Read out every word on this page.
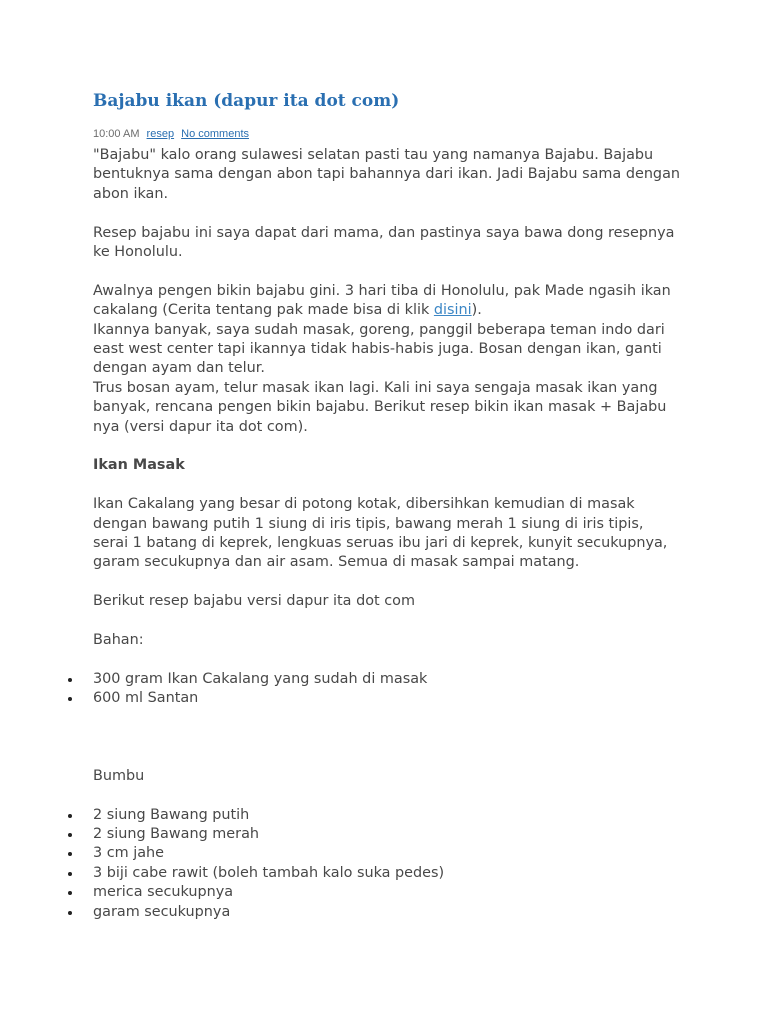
Bajabu ikan (dapur ita dot com)
10:00 AM resep No comments

"Bajabu" kalo orang sulawesi selatan pasti tau yang namanya Bajabu. Bajabu bentuknya sama dengan abon tapi bahannya dari ikan. Jadi Bajabu sama dengan abon ikan.

Resep bajabu ini saya dapat dari mama, dan pastinya saya bawa dong resepnya ke Honolulu.

Awalnya pengen bikin bajabu gini. 3 hari tiba di Honolulu, pak Made ngasih ikan cakalang (Cerita tentang pak made bisa di klik disini).

Ikannya banyak, saya sudah masak, goreng, panggil beberapa teman indo dari east west center tapi ikannya tidak habis-habis juga. Bosan dengan ikan, ganti dengan ayam dan telur.

Trus bosan ayam, telur masak ikan lagi. Kali ini saya sengaja masak ikan yang banyak, rencana pengen bikin bajabu. Berikut resep bikin ikan masak + Bajabu nya (versi dapur ita dot com).

Ikan Masak

Ikan Cakalang yang besar di potong kotak, dibersihkan kemudian di masak dengan bawang putih 1 siung di iris tipis, bawang merah 1 siung di iris tipis, serai 1 batang di keprek, lengkuas seruas ibu jari di keprek, kunyit secukupnya, garam secukupnya dan air asam. Semua di masak sampai matang.

Berikut resep bajabu versi dapur ita dot com

Bahan:

300 gram Ikan Cakalang yang sudah di masak
600 ml Santan

Bumbu

2 siung Bawang putih
2 siung Bawang merah
3 cm jahe
3 biji cabe rawit (boleh tambah kalo suka pedes)
merica secukupnya
garam secukupnya
